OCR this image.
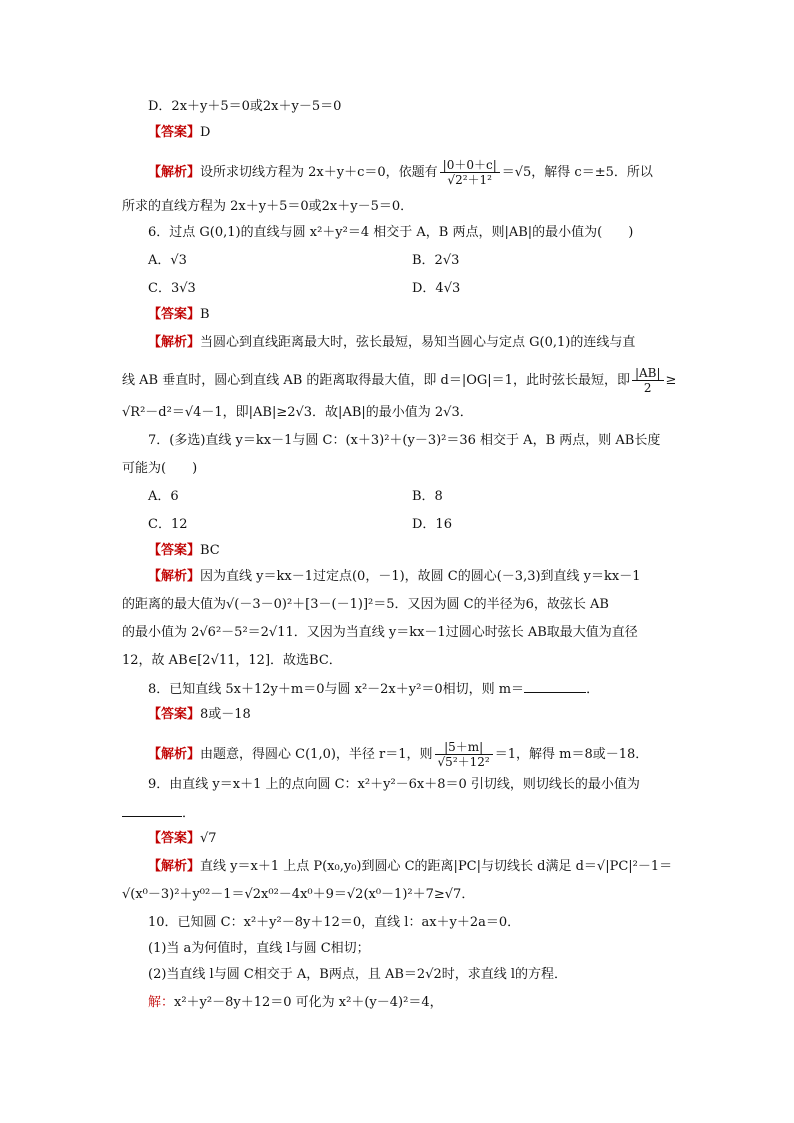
D．2x＋y＋5＝0或2x＋y－5＝0
【答案】D
【解析】设所求切线方程为 2x＋y＋c＝0，依题有 $\frac{|0+0+c|}{\text{√2²＋1²}} =√5$，解得 c＝±5．所以
所求的直线方程为 2x＋y＋5＝0或2x＋y－5＝0．
6．过点 G(0,1)的直线与圆 x²＋y²＝4 相交于 A，B 两点，则|AB|的最小值为(　　)
A．√3	B．2√3
C．3√3	D．4√3
【答案】B
【解析】当圆心到直线距离最大时，弦长最短，易知当圆心与定点 G(0,1)的连线与直
线 AB 垂直时，圆心到直线 AB 的距离取得最大值，即 d＝|OG|＝1，此时弦长最短，即 $\frac{|AB|}{2}$ ≥
√R²－d²＝√4－1，即|AB|≥2√3．故|AB|的最小值为 2√3．
7．(多选)直线 y＝kx－1与圆 C：(x＋3)²＋(y－3)²＝36 相交于 A，B 两点，则 AB长度
可能为(　　)
A．6	B．8
C．12	D．16
【答案】BC
【解析】因为直线 y＝kx－1过定点(0，－1)，故圆 C的圆心(－3,3)到直线 y＝kx－1
的距离的最大值为√(－3－0)²＋[3－(－1)]²＝5．又因为圆 C的半径为6，故弦长 AB
的最小值为 2√6²－5²＝2√11．又因为当直线 y＝kx－1过圆心时弦长 AB取最大值为直径
12，故 AB∈[2√11，12]．故选BC．
8．已知直线 5x＋12y＋m＝0与圆 x²－2x＋y²＝0相切，则 m＝	．
【答案】8或－18
【解析】由题意，得圆心 C(1,0)，半径 r＝1，则 $\frac{|5+m|}{\text{√5²＋12²}} =1$，解得 m＝8或－18．
9．由直线 y＝x＋1 上的点向圆 C：x²＋y²－6x＋8＝0 引切线，则切线长的最小值为
．
【答案】√7
【解析】直线 y＝x＋1 上点 P(x₀,y₀)到圆心 C的距离|PC|与切线长 d满足 d＝√|PC|²－1＝
√(x⁰－3)²＋y⁰²－1＝√2x⁰²－4x⁰＋9＝√2(x⁰－1)²＋7≥√7．
10．已知圆 C：x²＋y²－8y＋12＝0，直线 l：ax＋y＋2a＝0．
(1)当 a为何值时，直线 l与圆 C相切；
(2)当直线 l与圆 C相交于 A，B两点，且 AB＝2√2时，求直线 l的方程．
解：x²＋y²－8y＋12＝0 可化为 x²＋(y－4)²＝4，
